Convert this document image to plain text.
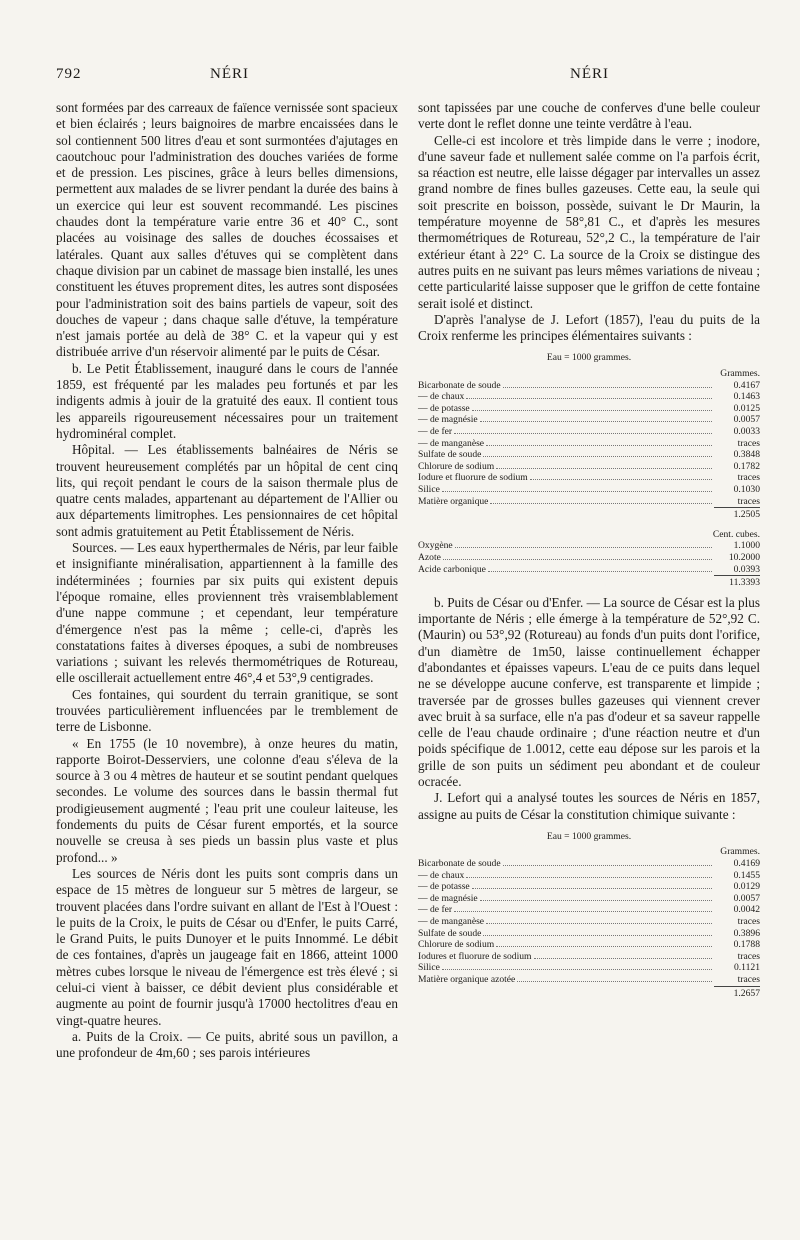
792	NÉRI	NÉRI

sont formées par des carreaux de faïence vernissée sont spacieux et bien éclairés ; leurs baignoires de marbre encaissées dans le sol contiennent 500 litres d'eau et sont surmontées d'ajutages en caoutchouc pour l'administration des douches variées de forme et de pression. Les piscines, grâce à leurs belles dimensions, permettent aux malades de se livrer pendant la durée des bains à un exercice qui leur est souvent recommandé. Les piscines chaudes dont la température varie entre 36 et 40° C., sont placées au voisinage des salles de douches écossaises et latérales. Quant aux salles d'étuves qui se complètent dans chaque division par un cabinet de massage bien installé, les unes constituent les étuves proprement dites, les autres sont disposées pour l'administration soit des bains partiels de vapeur, soit des douches de vapeur ; dans chaque salle d'étuve, la température n'est jamais portée au delà de 38° C. et la vapeur qui y est distribuée arrive d'un réservoir alimenté par le puits de César.

b. Le Petit Établissement, inauguré dans le cours de l'année 1859, est fréquenté par les malades peu fortunés et par les indigents admis à jouir de la gratuité des eaux. Il contient tous les appareils rigoureusement nécessaires pour un traitement hydrominéral complet.

Hôpital. — Les établissements balnéaires de Néris se trouvent heureusement complétés par un hôpital de cent cinq lits, qui reçoit pendant le cours de la saison thermale plus de quatre cents malades, appartenant au département de l'Allier ou aux départements limitrophes. Les pensionnaires de cet hôpital sont admis gratuitement au Petit Établissement de Néris.

Sources. — Les eaux hyperthermales de Néris, par leur faible et insignifiante minéralisation, appartiennent à la famille des indéterminées ; fournies par six puits qui existent depuis l'époque romaine, elles proviennent très vraisemblablement d'une nappe commune ; et cependant, leur température d'émergence n'est pas la même ; celle-ci, d'après les constatations faites à diverses époques, a subi de nombreuses variations ; suivant les relevés thermométriques de Rotureau, elle oscillerait actuellement entre 46°,4 et 53°,9 centigrades.

Ces fontaines, qui sourdent du terrain granitique, se sont trouvées particulièrement influencées par le tremblement de terre de Lisbonne.

« En 1755 (le 10 novembre), à onze heures du matin, rapporte Boirot-Desserviers, une colonne d'eau s'éleva de la source à 3 ou 4 mètres de hauteur et se soutint pendant quelques secondes. Le volume des sources dans le bassin thermal fut prodigieusement augmenté ; l'eau prit une couleur laiteuse, les fondements du puits de César furent emportés, et la source nouvelle se creusa à ses pieds un bassin plus vaste et plus profond... »

Les sources de Néris dont les puits sont compris dans un espace de 15 mètres de longueur sur 5 mètres de largeur, se trouvent placées dans l'ordre suivant en allant de l'Est à l'Ouest : le puits de la Croix, le puits de César ou d'Enfer, le puits Carré, le Grand Puits, le puits Dunoyer et le puits Innommé. Le débit de ces fontaines, d'après un jaugeage fait en 1866, atteint 1000 mètres cubes lorsque le niveau de l'émergence est très élevé ; si celui-ci vient à baisser, ce débit devient plus considérable et augmente au point de fournir jusqu'à 17000 hectolitres d'eau en vingt-quatre heures.

a. Puits de la Croix. — Ce puits, abrité sous un pavillon, a une profondeur de 4m,60 ; ses parois intérieures

sont tapissées par une couche de conferves d'une belle couleur verte dont le reflet donne une teinte verdâtre à l'eau.

Celle-ci est incolore et très limpide dans le verre ; inodore, d'une saveur fade et nullement salée comme on l'a parfois écrit, sa réaction est neutre, elle laisse dégager par intervalles un assez grand nombre de fines bulles gazeuses. Cette eau, la seule qui soit prescrite en boisson, possède, suivant le Dr Maurin, la température moyenne de 58°,81 C., et d'après les mesures thermométriques de Rotureau, 52°,2 C., la température de l'air extérieur étant à 22° C. La source de la Croix se distingue des autres puits en ne suivant pas leurs mêmes variations de niveau ; cette particularité laisse supposer que le griffon de cette fontaine serait isolé et distinct.

D'après l'analyse de J. Lefort (1857), l'eau du puits de la Croix renferme les principes élémentaires suivants :

Eau = 1000 grammes.
Grammes.
Bicarbonate de soude	0.4167
— de chaux	0.1463
— de potasse	0.0125
— de magnésie	0.0057
— de fer	0.0033
— de manganèse	traces
Sulfate de soude	0.3848
Chlorure de sodium	0.1782
Iodure et fluorure de sodium	traces
Silice	0.1030
Matière organique	traces
1.2505
Cent. cubes.
Oxygène	1.1000
Azote	10.2000
Acide carbonique	0.0393
11.3393

b. Puits de César ou d'Enfer. — La source de César est la plus importante de Néris ; elle émerge à la température de 52°,92 C. (Maurin) ou 53°,92 (Rotureau) au fonds d'un puits dont l'orifice, d'un diamètre de 1m50, laisse continuellement échapper d'abondantes et épaisses vapeurs. L'eau de ce puits dans lequel ne se développe aucune conferve, est transparente et limpide ; traversée par de grosses bulles gazeuses qui viennent crever avec bruit à sa surface, elle n'a pas d'odeur et sa saveur rappelle celle de l'eau chaude ordinaire ; d'une réaction neutre et d'un poids spécifique de 1.0012, cette eau dépose sur les parois et la grille de son puits un sédiment peu abondant et de couleur ocracée.

J. Lefort qui a analysé toutes les sources de Néris en 1857, assigne au puits de César la constitution chimique suivante :

Eau = 1000 grammes.
Grammes.
Bicarbonate de soude	0.4169
— de chaux	0.1455
— de potasse	0.0129
— de magnésie	0.0057
— de fer	0.0042
— de manganèse	traces
Sulfate de soude	0.3896
Chlorure de sodium	0.1788
Iodures et fluorure de sodium	traces
Silice	0.1121
Matière organique azotée	traces
1.2657
